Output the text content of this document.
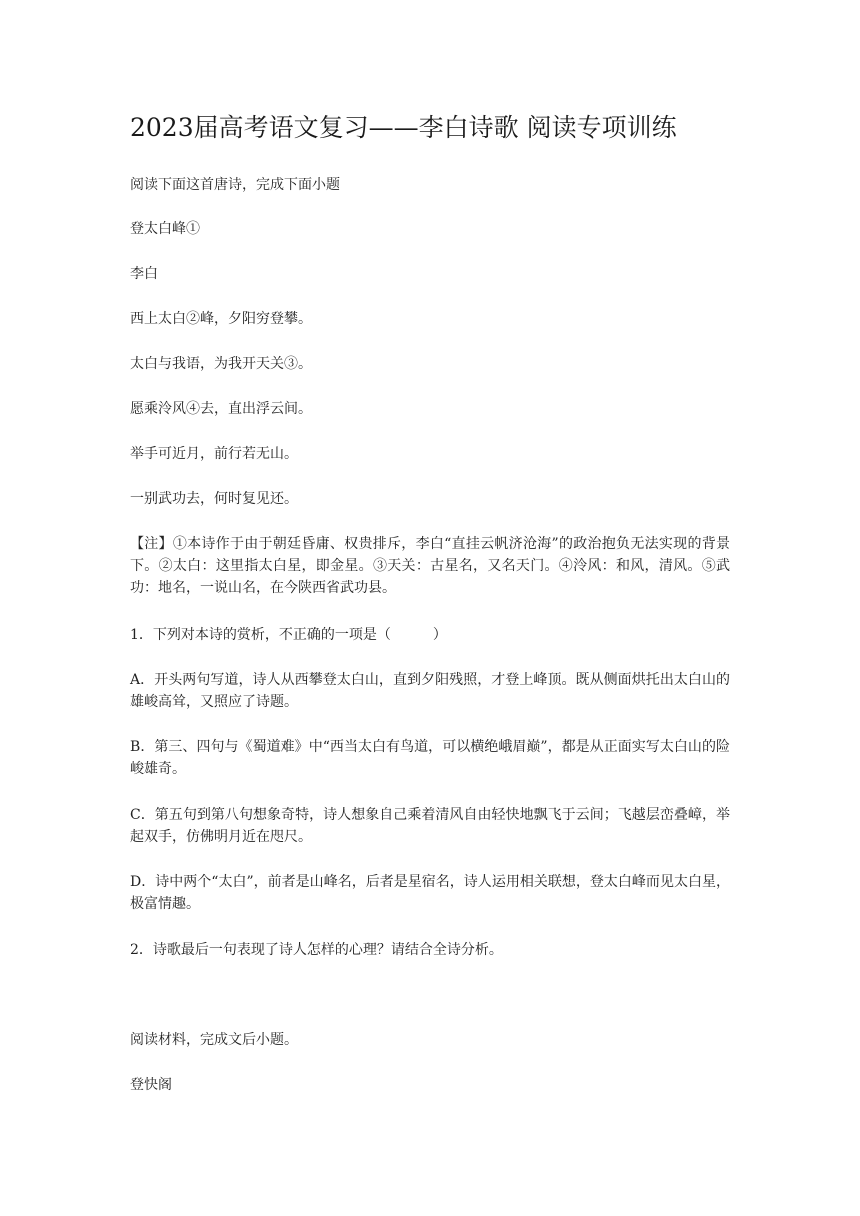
2023届高考语文复习——李白诗歌 阅读专项训练

阅读下面这首唐诗，完成下面小题

登太白峰①

李白

西上太白②峰，夕阳穷登攀。

太白与我语，为我开天关③。

愿乘泠风④去，直出浮云间。

举手可近月，前行若无山。

一别武功去，何时复见还。

【注】①本诗作于由于朝廷昏庸、权贵排斥，李白“直挂云帆济沧海”的政治抱负无法实现的背景下。②太白：这里指太白星，即金星。③天关：古星名，又名天门。④泠风：和风，清风。⑤武功：地名，一说山名，在今陕西省武功县。

1．下列对本诗的赏析，不正确的一项是（　　　）

A．开头两句写道，诗人从西攀登太白山，直到夕阳残照，才登上峰顶。既从侧面烘托出太白山的雄峻高耸，又照应了诗题。

B．第三、四句与《蜀道难》中“西当太白有鸟道，可以横绝峨眉巅”，都是从正面实写太白山的险峻雄奇。

C．第五句到第八句想象奇特，诗人想象自己乘着清风自由轻快地飘飞于云间；飞越层峦叠嶂，举起双手，仿佛明月近在咫尺。

D．诗中两个“太白”，前者是山峰名，后者是星宿名，诗人运用相关联想，登太白峰而见太白星，极富情趣。

2．诗歌最后一句表现了诗人怎样的心理？请结合全诗分析。

阅读材料，完成文后小题。

登快阁
